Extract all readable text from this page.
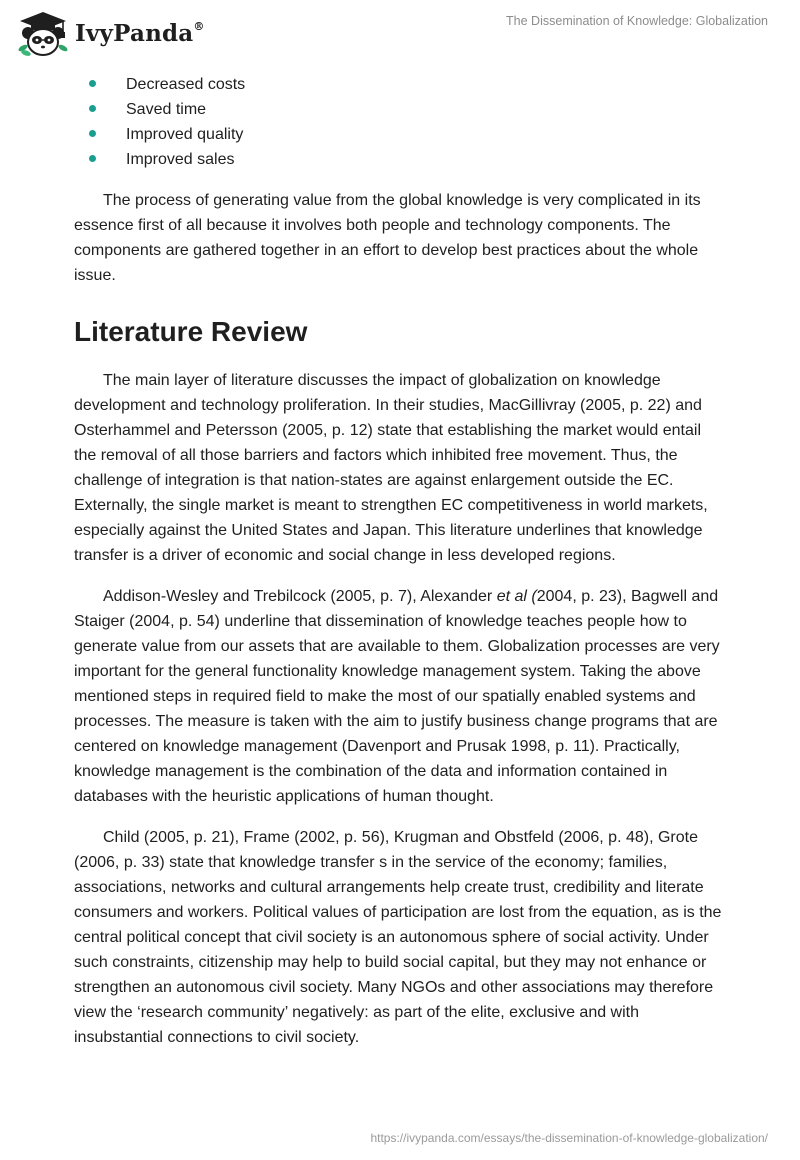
IvyPanda®	The Dissemination of Knowledge: Globalization
Decreased costs
Saved time
Improved quality
Improved sales

The process of generating value from the global knowledge is very complicated in its essence first of all because it involves both people and technology components. The components are gathered together in an effort to develop best practices about the whole issue.

Literature Review

The main layer of literature discusses the impact of globalization on knowledge development and technology proliferation. In their studies, MacGillivray (2005, p. 22) and Osterhammel and Petersson (2005, p. 12) state that establishing the market would entail the removal of all those barriers and factors which inhibited free movement. Thus, the challenge of integration is that nation-states are against enlargement outside the EC. Externally, the single market is meant to strengthen EC competitiveness in world markets, especially against the United States and Japan. This literature underlines that knowledge transfer is a driver of economic and social change in less developed regions.

Addison-Wesley and Trebilcock (2005, p. 7), Alexander et al (2004, p. 23), Bagwell and Staiger (2004, p. 54) underline that dissemination of knowledge teaches people how to generate value from our assets that are available to them. Globalization processes are very important for the general functionality knowledge management system. Taking the above mentioned steps in required field to make the most of our spatially enabled systems and processes. The measure is taken with the aim to justify business change programs that are centered on knowledge management (Davenport and Prusak 1998, p. 11). Practically, knowledge management is the combination of the data and information contained in databases with the heuristic applications of human thought.

Child (2005, p. 21), Frame (2002, p. 56), Krugman and Obstfeld (2006, p. 48), Grote (2006, p. 33) state that knowledge transfer s in the service of the economy; families, associations, networks and cultural arrangements help create trust, credibility and literate consumers and workers. Political values of participation are lost from the equation, as is the central political concept that civil society is an autonomous sphere of social activity. Under such constraints, citizenship may help to build social capital, but they may not enhance or strengthen an autonomous civil society. Many NGOs and other associations may therefore view the ‘research community’ negatively: as part of the elite, exclusive and with insubstantial connections to civil society.

https://ivypanda.com/essays/the-dissemination-of-knowledge-globalization/
